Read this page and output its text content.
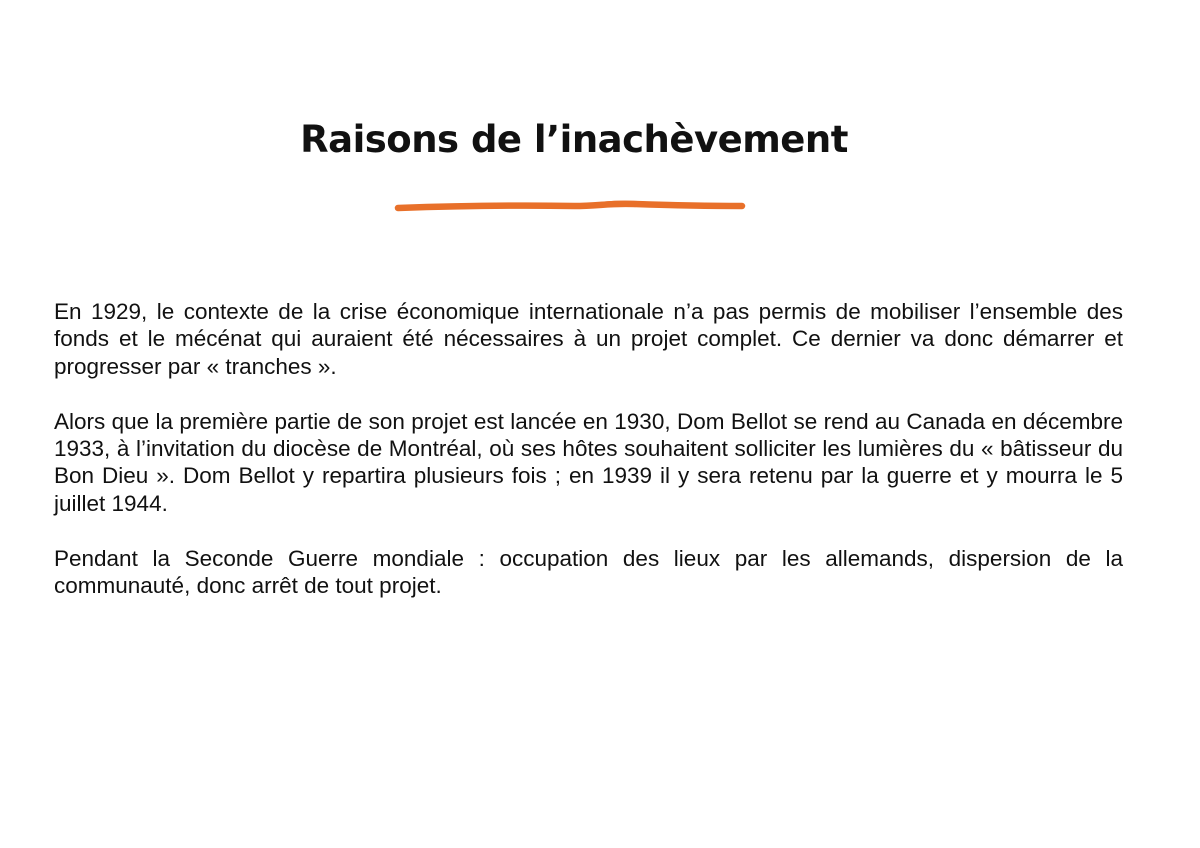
Raisons de l’inachèvement

En 1929, le contexte de la crise économique internationale n’a pas permis de mobiliser l’ensemble des fonds et le mécénat qui auraient été nécessaires à un projet complet. Ce dernier va donc démarrer et progresser par « tranches ».

Alors que la première partie de son projet est lancée en 1930, Dom Bellot se rend au Canada en décembre 1933, à l’invitation du diocèse de Montréal, où ses hôtes souhaitent solliciter les lumières du « bâtisseur du Bon Dieu ». Dom Bellot y repartira plusieurs fois ; en 1939 il y sera retenu par la guerre et y mourra le 5 juillet 1944.

Pendant la Seconde Guerre mondiale : occupation des lieux par les allemands, dispersion de la communauté, donc arrêt de tout projet.
